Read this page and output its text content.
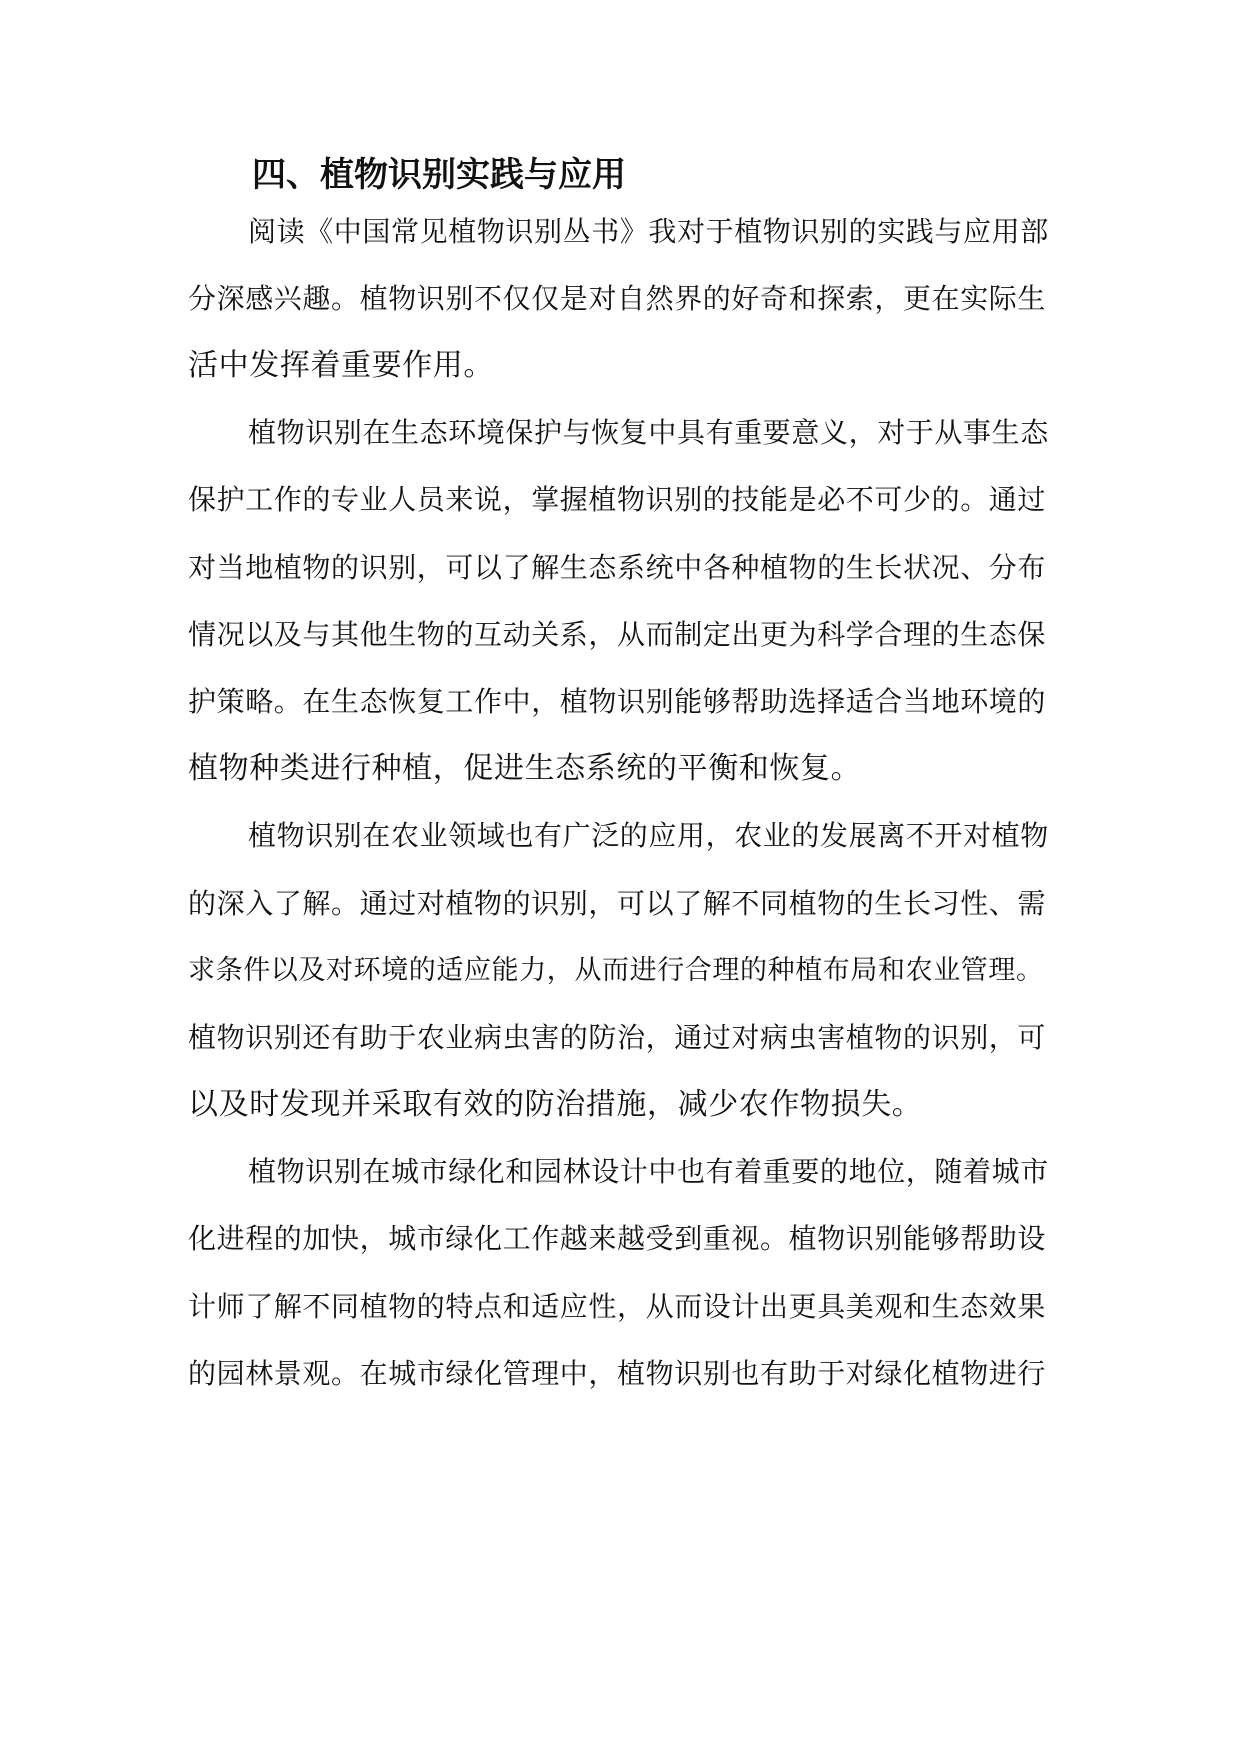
四、植物识别实践与应用

阅读《中国常见植物识别丛书》我对于植物识别的实践与应用部

分深感兴趣。植物识别不仅仅是对自然界的好奇和探索，更在实际生

活中发挥着重要作用。

植物识别在生态环境保护与恢复中具有重要意义，对于从事生态

保护工作的专业人员来说，掌握植物识别的技能是必不可少的。通过

对当地植物的识别，可以了解生态系统中各种植物的生长状况、分布

情况以及与其他生物的互动关系，从而制定出更为科学合理的生态保

护策略。在生态恢复工作中，植物识别能够帮助选择适合当地环境的

植物种类进行种植，促进生态系统的平衡和恢复。

植物识别在农业领域也有广泛的应用，农业的发展离不开对植物

的深入了解。通过对植物的识别，可以了解不同植物的生长习性、需

求条件以及对环境的适应能力，从而进行合理的种植布局和农业管理。

植物识别还有助于农业病虫害的防治，通过对病虫害植物的识别，可

以及时发现并采取有效的防治措施，减少农作物损失。

植物识别在城市绿化和园林设计中也有着重要的地位，随着城市

化进程的加快，城市绿化工作越来越受到重视。植物识别能够帮助设

计师了解不同植物的特点和适应性，从而设计出更具美观和生态效果

的园林景观。在城市绿化管理中，植物识别也有助于对绿化植物进行
